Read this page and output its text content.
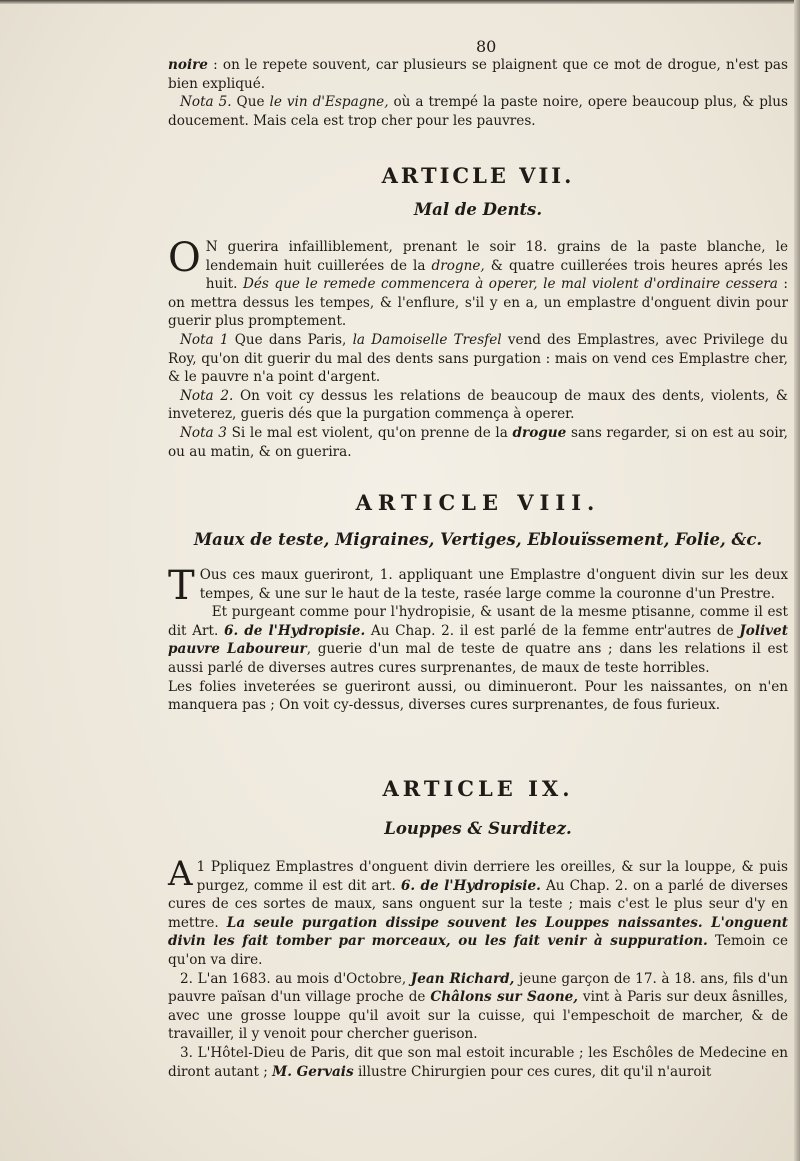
80

noire : on le repete souvent, car plusieurs se plaignent que ce mot de drogue, n'est pas bien expliqué.

Nota 5. Que le vin d'Espagne, où a trempé la paste noire, opere beaucoup plus, & plus doucement. Mais cela est trop cher pour les pauvres.

ARTICLE VII.
Mal de Dents.

O N guerira infailliblement, prenant le soir 18. grains de la paste blanche, le lendemain huit cuillerées de la drogne, & quatre cuillerées trois heures aprés les huit. Dés que le remede commencera à operer, le mal violent d'ordinaire cessera : on mettra dessus les tempes, & l'enflure, s'il y en a, un emplastre d'onguent divin pour guerir plus promptement.

Nota 1 Que dans Paris, la Damoiselle Tresfel vend des Emplastres, avec Privilege du Roy, qu'on dit guerir du mal des dents sans purgation : mais on vend ces Emplastre cher, & le pauvre n'a point d'argent.

Nota 2. On voit cy dessus les relations de beaucoup de maux des dents, violents, & inveterez, gueris dés que la purgation commença à operer.

Nota 3 Si le mal est violent, qu'on prenne de la drogue sans regarder, si on est au soir, ou au matin, & on guerira.

ARTICLE VIII.
Maux de teste, Migraines, Vertiges, Eblouïssement, Folie, &c.

T Ous ces maux gueriront, 1. appliquant une Emplastre d'onguent divin sur les deux tempes, & une sur le haut de la teste, rasée large comme la couronne d'un Prestre.

Et purgeant comme pour l'hydropisie, & usant de la mesme ptisanne, comme il est dit Art. 6. de l'Hydropisie. Au Chap. 2. il est parlé de la femme entr'autres de Jolivet pauvre Laboureur, guerie d'un mal de teste de quatre ans ; dans les relations il est aussi parlé de diverses autres cures surprenantes, de maux de teste horribles.

Les folies inveterées se gueriront aussi, ou diminueront. Pour les naissantes, on n'en manquera pas ; On voit cy-dessus, diverses cures surprenantes, de fous furieux.

ARTICLE IX.
Louppes & Surditez.

1
A Ppliquez Emplastres d'onguent divin derriere les oreilles, & sur la louppe, & puis purgez, comme il est dit art. 6. de l'Hydropisie. Au Chap. 2. on a parlé de diverses cures de ces sortes de maux, sans onguent sur la teste ; mais c'est le plus seur d'y en mettre. La seule purgation dissipe souvent les Louppes naissantes. L'onguent divin les fait tomber par morceaux, ou les fait venir à suppuration. Temoin ce qu'on va dire.

2. L'an 1683. au mois d'Octobre, Jean Richard, jeune garçon de 17. à 18. ans, fils d'un pauvre païsan d'un village proche de Châlons sur Saone, vint à Paris sur deux âsnilles, avec une grosse louppe qu'il avoit sur la cuisse, qui l'empeschoit de marcher, & de travailler, il y venoit pour chercher guerison.

3. L'Hôtel-Dieu de Paris, dit que son mal estoit incurable ; les Eschôles de Medecine en diront autant ; M. Gervais illustre Chirurgien pour ces cures, dit qu'il n'auroit
